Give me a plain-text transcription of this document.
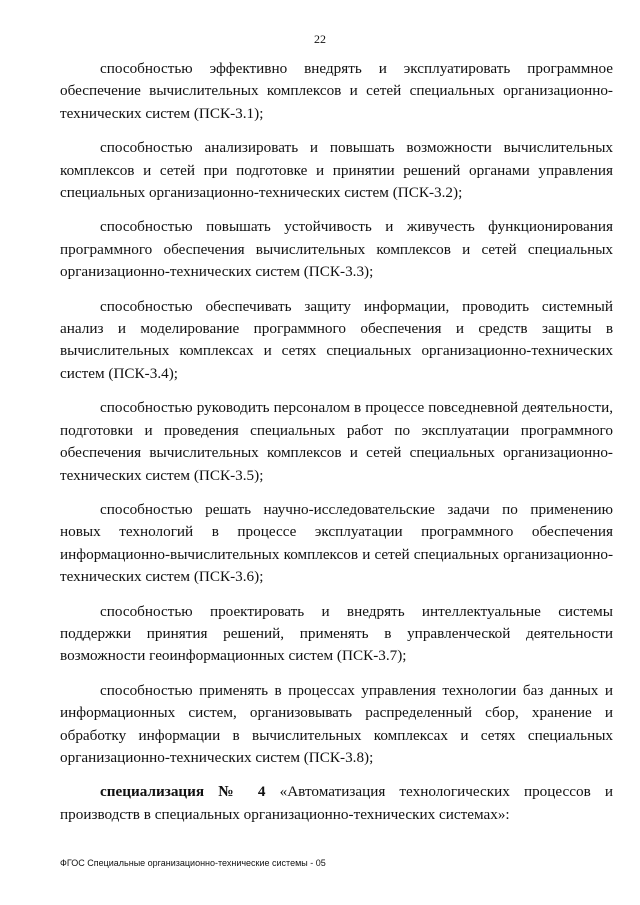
22

способностью эффективно внедрять и эксплуатировать программное обеспечение вычислительных комплексов и сетей специальных организационно-технических систем (ПСК-3.1);

способностью анализировать и повышать возможности вычислительных комплексов и сетей при подготовке и принятии решений органами управления специальных организационно-технических систем (ПСК-3.2);

способностью повышать устойчивость и живучесть функционирования программного обеспечения вычислительных комплексов и сетей специальных организационно-технических систем (ПСК-3.3);

способностью обеспечивать защиту информации, проводить системный анализ и моделирование программного обеспечения и средств защиты в вычислительных комплексах и сетях специальных организационно-технических систем (ПСК-3.4);

способностью руководить персоналом в процессе повседневной деятельности, подготовки и проведения специальных работ по эксплуатации программного обеспечения вычислительных комплексов и сетей специальных организационно-технических систем (ПСК-3.5);

способностью решать научно-исследовательские задачи по применению новых технологий в процессе эксплуатации программного обеспечения информационно-вычислительных комплексов и сетей специальных организационно-технических систем (ПСК-3.6);

способностью проектировать и внедрять интеллектуальные системы поддержки принятия решений, применять в управленческой деятельности возможности геоинформационных систем (ПСК-3.7);

способностью применять в процессах управления технологии баз данных и информационных систем, организовывать распределенный сбор, хранение и обработку информации в вычислительных комплексах и сетях специальных организационно-технических систем (ПСК-3.8);

специализация № 4 «Автоматизация технологических процессов и производств в специальных организационно-технических системах»:

ФГОС Специальные организационно-технические системы - 05
